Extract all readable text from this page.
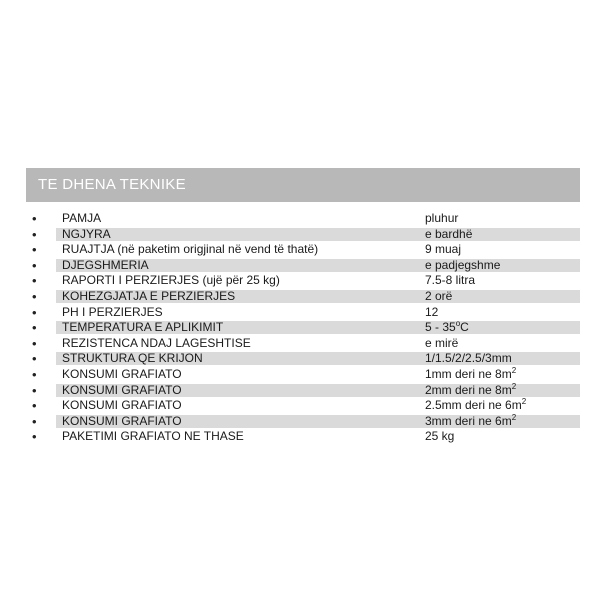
TE DHENA TEKNIKE
• PAMJA	pluhur
• NGJYRA	e bardhë
• RUAJTJA (në paketim origjinal në vend të thatë)	9 muaj
• DJEGSHMERIA	e padjegshme
• RAPORTI I PERZIERJES (ujë për 25 kg)	7.5-8 litra
• KOHEZGJATJA E PERZIERJES	2 orë
• PH I PERZIERJES	12
• TEMPERATURA E APLIKIMIT	5 - 35$^o$C
• REZISTENCA NDAJ LAGESHTISE	e mirë
• STRUKTURA QE KRIJON	1/1.5/2/2.5/3mm
• KONSUMI GRAFIATO	1mm deri ne $8m^2$
• KONSUMI GRAFIATO	2mm deri ne $8m^2$
• KONSUMI GRAFIATO	2.5mm deri ne $6m^2$
• KONSUMI GRAFIATO	3mm deri ne $6m^2$
• PAKETIMI GRAFIATO NE THASE	25 kg
